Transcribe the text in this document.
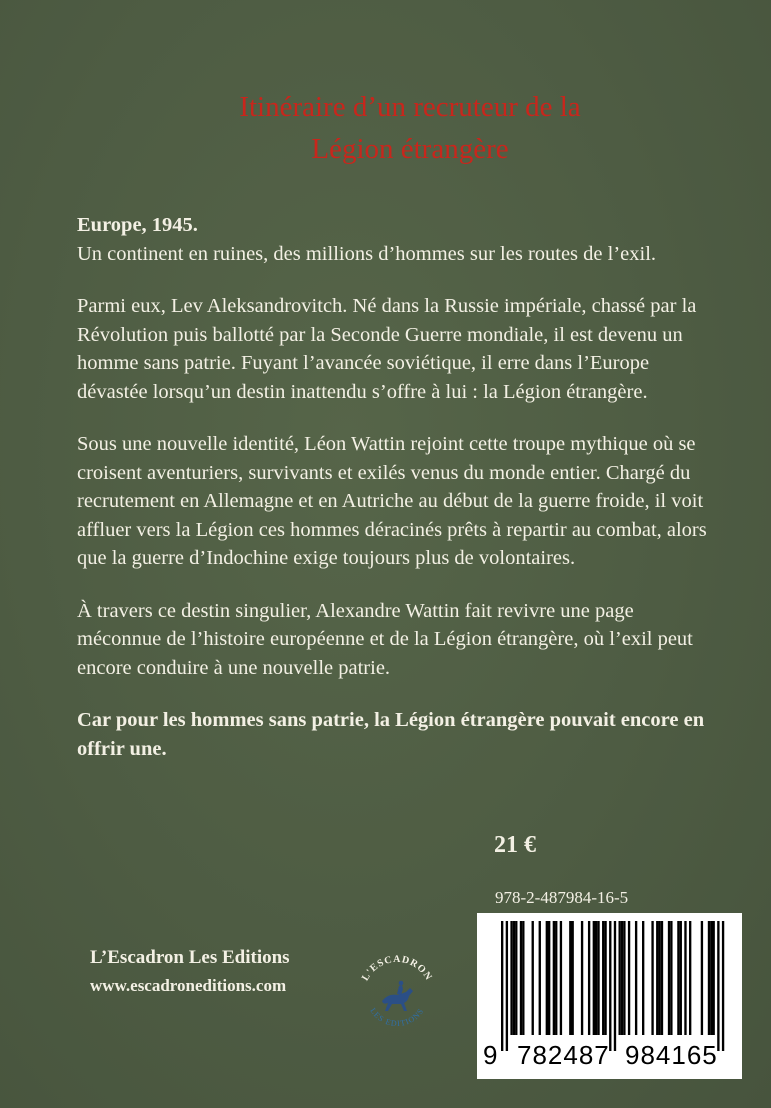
Itinéraire d’un recruteur de la
Légion étrangère

Europe, 1945.
Un continent en ruines, des millions d’hommes sur les routes de l’exil.

Parmi eux, Lev Aleksandrovitch. Né dans la Russie impériale, chassé par la Révolution puis ballotté par la Seconde Guerre mondiale, il est devenu un homme sans patrie. Fuyant l’avancée soviétique, il erre dans l’Europe dévastée lorsqu’un destin inattendu s’offre à lui : la Légion étrangère.

Sous une nouvelle identité, Léon Wattin rejoint cette troupe mythique où se croisent aventuriers, survivants et exilés venus du monde entier. Chargé du recrutement en Allemagne et en Autriche au début de la guerre froide, il voit affluer vers la Légion ces hommes déracinés prêts à repartir au combat, alors que la guerre d’Indochine exige toujours plus de volontaires.

À travers ce destin singulier, Alexandre Wattin fait revivre une page méconnue de l’histoire européenne et de la Légion étrangère, où l’exil peut encore conduire à une nouvelle patrie.

Car pour les hommes sans patrie, la Légion étrangère pouvait encore en offrir une.

21 €
978-2-487984-16-5
L’Escadron Les Editions
www.escadroneditions.com	L'ESCADRON
LES EDITIONS
9 782487 984165
